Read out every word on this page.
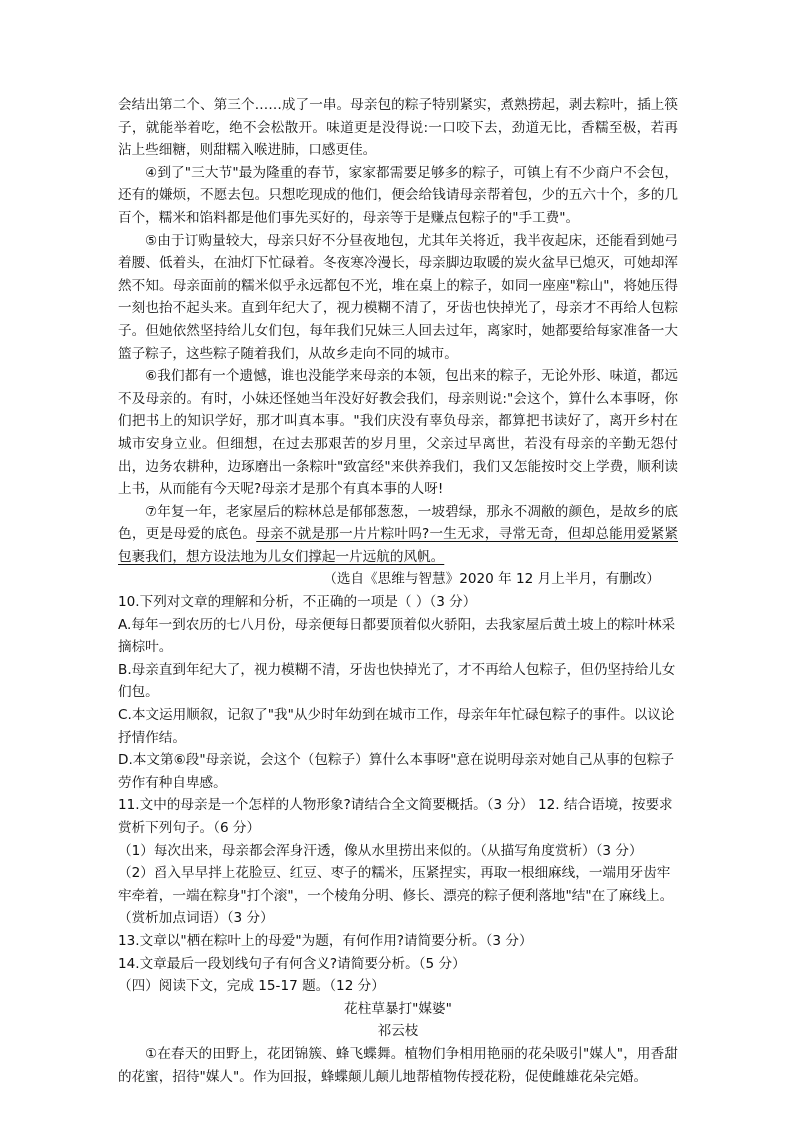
会结出第二个、第三个……成了一串。母亲包的粽子特别紧实，煮熟捞起，剥去粽叶，插上筷子，就能举着吃，绝不会松散开。味道更是没得说:一口咬下去，劲道无比，香糯至极，若再沾上些细糖，则甜糯入喉进肺，口感更佳。

④到了"三大节"最为隆重的春节，家家都需要足够多的粽子，可镇上有不少商户不会包，还有的嫌烦，不愿去包。只想吃现成的他们，便会给钱请母亲帮着包，少的五六十个，多的几百个，糯米和馅料都是他们事先买好的，母亲等于是赚点包粽子的"手工费"。

⑤由于订购量较大，母亲只好不分昼夜地包，尤其年关将近，我半夜起床，还能看到她弓着腰、低着头，在油灯下忙碌着。冬夜寒冷漫长，母亲脚边取暖的炭火盆早已熄灭，可她却浑然不知。母亲面前的糯米似乎永远都包不光，堆在桌上的粽子，如同一座座"粽山"，将她压得一刻也抬不起头来。直到年纪大了，视力模糊不清了，牙齿也快掉光了，母亲才不再给人包粽子。但她依然坚持给儿女们包，每年我们兄妹三人回去过年，离家时，她都要给每家准备一大篮子粽子，这些粽子随着我们，从故乡走向不同的城市。

⑥我们都有一个遗憾，谁也没能学来母亲的本领，包出来的粽子，无论外形、味道，都远不及母亲的。有时，小妹还怪她当年没好好教会我们，母亲则说:"会这个，算什么本事呀，你们把书上的知识学好，那才叫真本事。"我们庆没有辜负母亲，都算把书读好了，离开乡村在城市安身立业。但细想，在过去那艰苦的岁月里，父亲过早离世，若没有母亲的辛勤无怨付出，边务农耕种，边琢磨出一条粽叶"致富经"来供养我们，我们又怎能按时交上学费，顺利读上书，从而能有今天呢?母亲才是那个有真本事的人呀!

⑦年复一年，老家屋后的粽林总是郁郁葱葱，一坡碧绿，那永不凋敝的颜色，是故乡的底色，更是母爱的底色。母亲不就是那一片片粽叶吗?一生无求，寻常无奇，但却总能用爱紧紧包裹我们，想方设法地为儿女们撑起一片远航的风帆。

（选自《思维与智慧》2020 年 12 月上半月，有删改）

10.下列对文章的理解和分析，不正确的一项是（ ）（3 分）

A.每年一到农历的七八月份，母亲便每日都要顶着似火骄阳，去我家屋后黄土坡上的粽叶林采摘棕叶。

B.母亲直到年纪大了，视力模糊不清，牙齿也快掉光了，才不再给人包粽子，但仍坚持给儿女们包。

C.本文运用顺叙，记叙了"我"从少时年幼到在城市工作，母亲年年忙碌包粽子的事件。以议论抒情作结。

D.本文第⑥段"母亲说，会这个（包粽子）算什么本事呀"意在说明母亲对她自己从事的包粽子劳作有种自卑感。

11.文中的母亲是一个怎样的人物形象?请结合全文简要概括。（3 分） 12. 结合语境，按要求赏析下列句子。（6 分）

（1）每次出来，母亲都会浑身汗透，像从水里捞出来似的。（从描写角度赏析）（3 分）

（2）舀入早早拌上花脸豆、红豆、枣子的糯米，压紧捏实，再取一根细麻线，一端用牙齿牢牢牵着，一端在粽身"打个滚"，一个棱角分明、修长、漂亮的粽子便利落地"结"在了麻线上。 （赏析加点词语）（3 分）

13.文章以"栖在粽叶上的母爱"为题，有何作用?请简要分析。（3 分）

14.文章最后一段划线句子有何含义?请简要分析。（5 分）

（四）阅读下文，完成 15-17 题。（12 分）

花柱草暴打"媒婆"

祁云枝

①在春天的田野上，花团锦簇、蜂飞蝶舞。植物们争相用艳丽的花朵吸引"媒人"，用香甜的花蜜，招待"媒人"。作为回报，蜂蝶颠儿颠儿地帮植物传授花粉，促使雌雄花朵完婚。
